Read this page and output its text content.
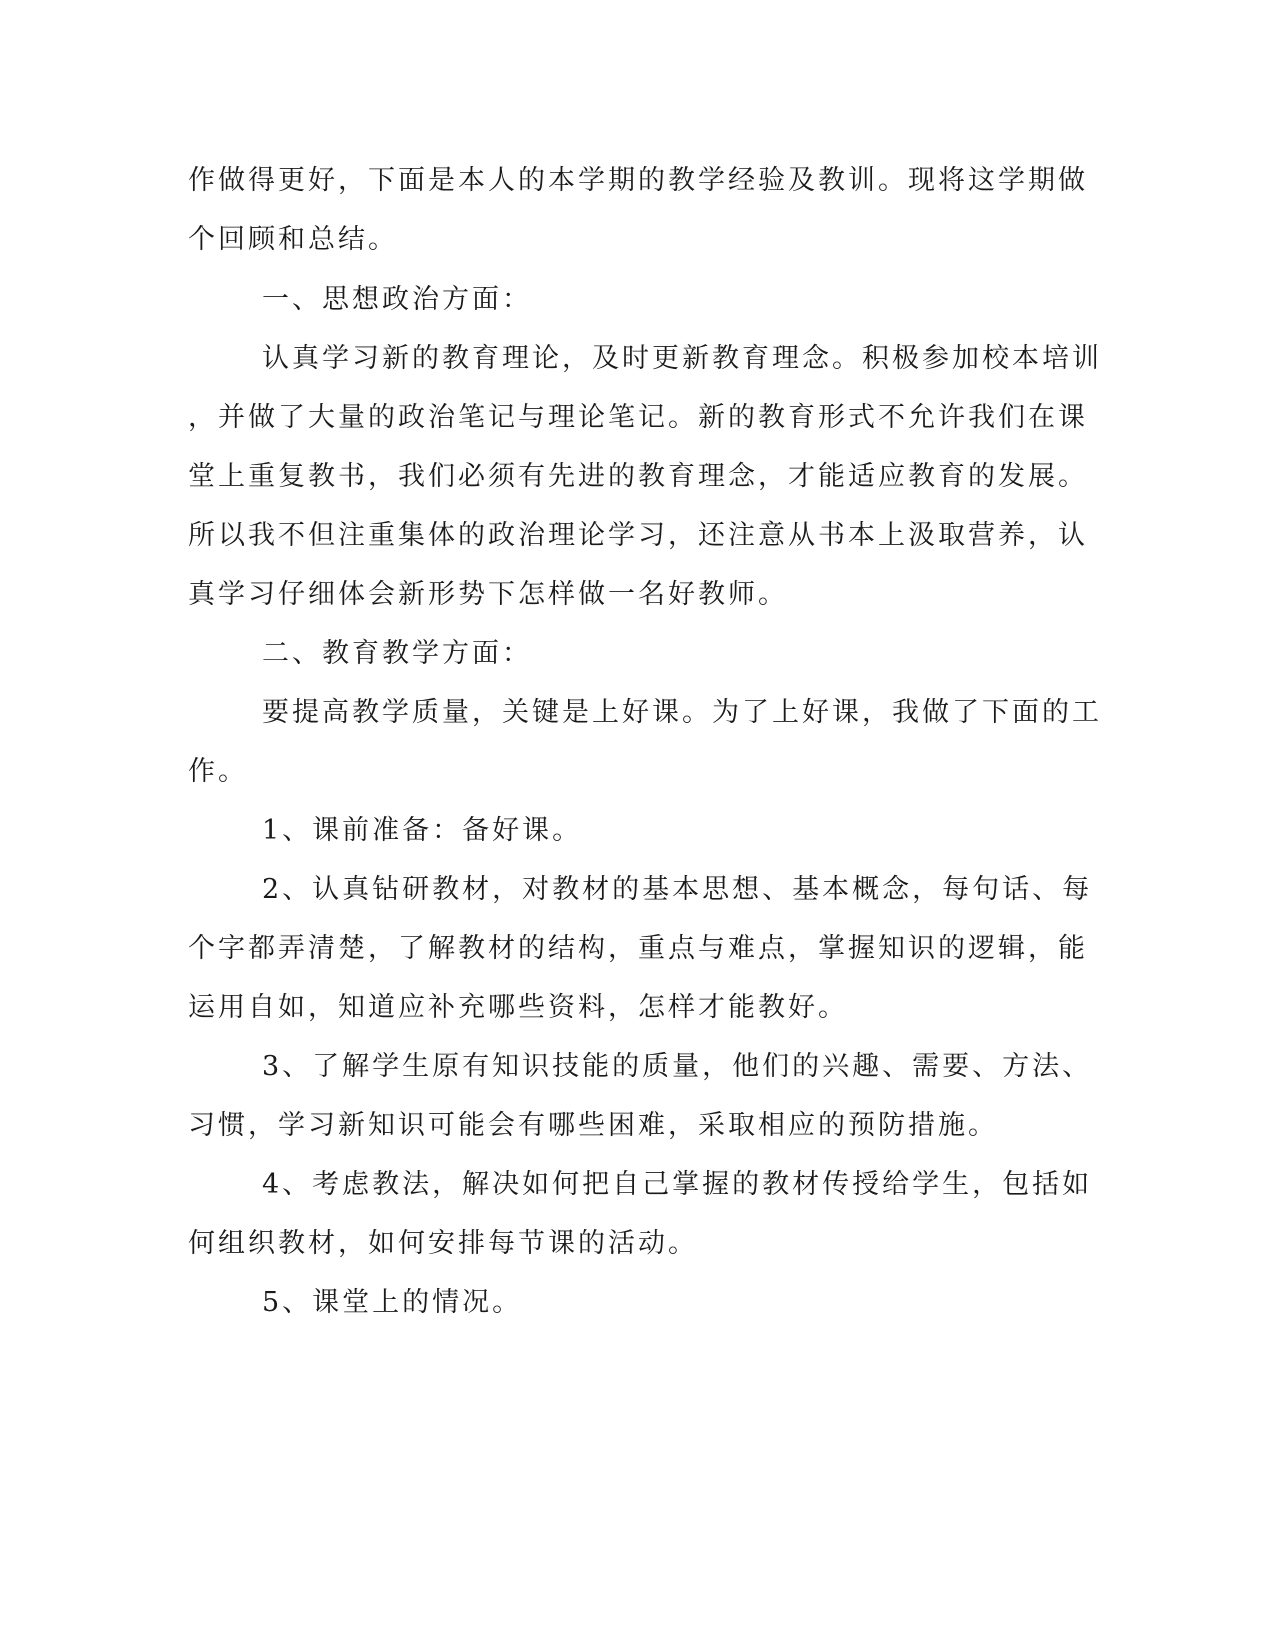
作做得更好，下面是本人的本学期的教学经验及教训。现将这学期做

个回顾和总结。

一、思想政治方面：

认真学习新的教育理论，及时更新教育理念。积极参加校本培训

，并做了大量的政治笔记与理论笔记。新的教育形式不允许我们在课

堂上重复教书，我们必须有先进的教育理念，才能适应教育的发展。

所以我不但注重集体的政治理论学习，还注意从书本上汲取营养，认

真学习仔细体会新形势下怎样做一名好教师。

二、教育教学方面：

要提高教学质量，关键是上好课。为了上好课，我做了下面的工

作。

1、课前准备：备好课。

2、认真钻研教材，对教材的基本思想、基本概念，每句话、每

个字都弄清楚，了解教材的结构，重点与难点，掌握知识的逻辑，能

运用自如，知道应补充哪些资料，怎样才能教好。

3、了解学生原有知识技能的质量，他们的兴趣、需要、方法、

习惯，学习新知识可能会有哪些困难，采取相应的预防措施。

4、考虑教法，解决如何把自己掌握的教材传授给学生，包括如

何组织教材，如何安排每节课的活动。

5、课堂上的情况。
